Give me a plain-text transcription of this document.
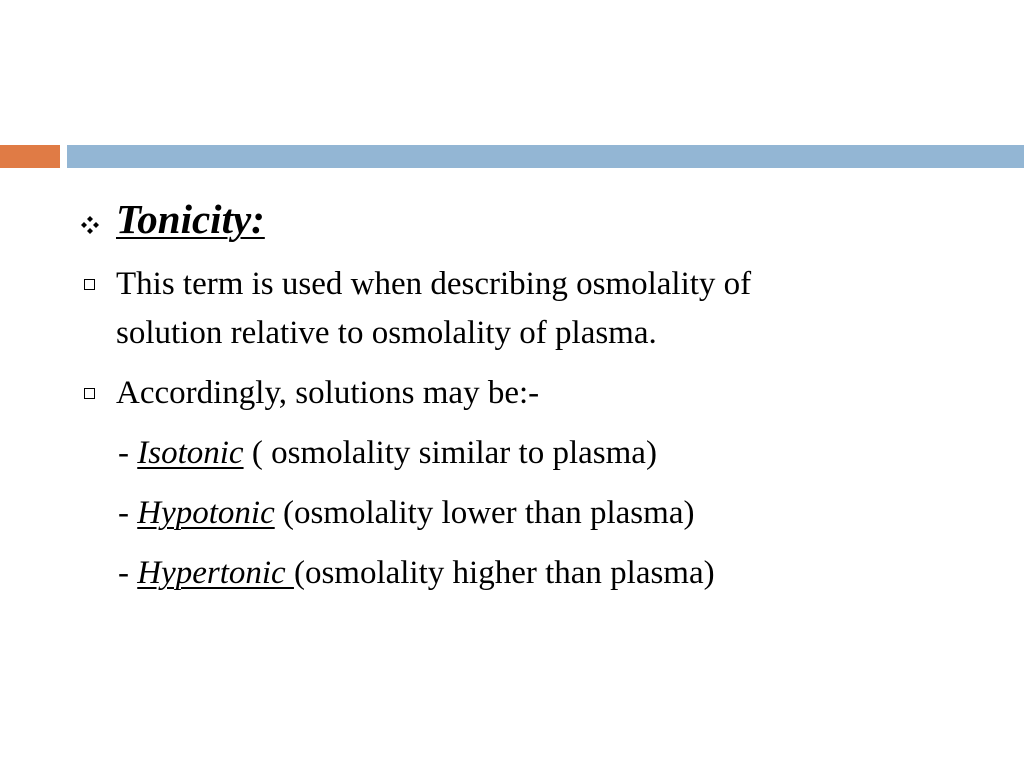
Tonicity:
This term is used when describing osmolality of
solution relative to osmolality of plasma.
Accordingly, solutions may be:-
- Isotonic ( osmolality similar to plasma)
- Hypotonic (osmolality lower than plasma)
- Hypertonic (osmolality higher than plasma)
